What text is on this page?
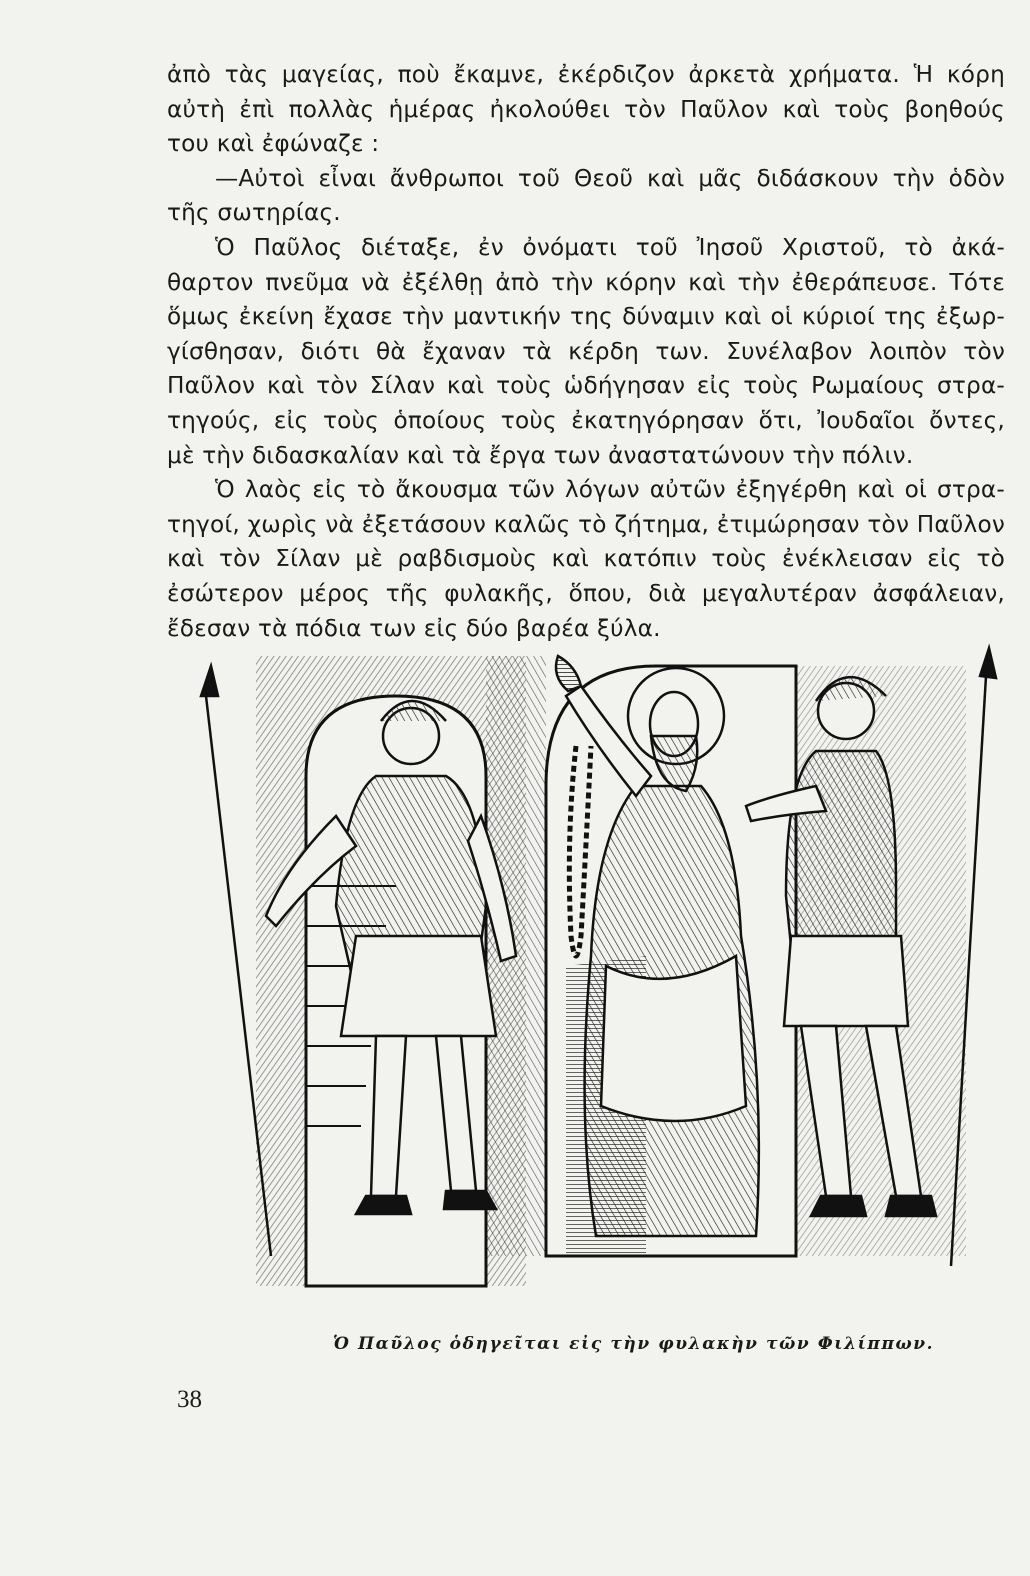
ἀπὸ τὰς μαγείας, ποὺ ἔκαμνε, ἐκέρδιζον ἀρκετὰ χρήματα. Ἡ κόρη
αὐτὴ ἐπὶ πολλὰς ἡμέρας ἠκολούθει τὸν Παῦλον καὶ τοὺς βοηθούς
του καὶ ἐφώναζε :
—Αὐτοὶ εἶναι ἄνθρωποι τοῦ Θεοῦ καὶ μᾶς διδάσκουν τὴν ὁδὸν
τῆς σωτηρίας.
Ὁ Παῦλος διέταξε, ἐν ὀνόματι τοῦ Ἰησοῦ Χριστοῦ, τὸ ἀκά-
θαρτον πνεῦμα νὰ ἐξέλθῃ ἀπὸ τὴν κόρην καὶ τὴν ἐθεράπευσε. Τότε
ὅμως ἐκείνη ἔχασε τὴν μαντικήν της δύναμιν καὶ οἱ κύριοί της ἐξωρ-
γίσθησαν, διότι θὰ ἔχαναν τὰ κέρδη των. Συνέλαβον λοιπὸν τὸν
Παῦλον καὶ τὸν Σίλαν καὶ τοὺς ὡδήγησαν εἰς τοὺς Ρωμαίους στρα-
τηγούς, εἰς τοὺς ὁποίους τοὺς ἐκατηγόρησαν ὅτι, Ἰουδαῖοι ὄντες,
μὲ τὴν διδασκαλίαν καὶ τὰ ἔργα των ἀναστατώνουν τὴν πόλιν.
Ὁ λαὸς εἰς τὸ ἄκουσμα τῶν λόγων αὐτῶν ἐξηγέρθη καὶ οἱ στρα-
τηγοί, χωρὶς νὰ ἐξετάσουν καλῶς τὸ ζήτημα, ἐτιμώρησαν τὸν Παῦλον
καὶ τὸν Σίλαν μὲ ραβδισμοὺς καὶ κατόπιν τοὺς ἐνέκλεισαν εἰς τὸ
ἐσώτερον μέρος τῆς φυλακῆς, ὅπου, διὰ μεγαλυτέραν ἀσφάλειαν,
ἔδεσαν τὰ πόδια των εἰς δύο βαρέα ξύλα.
Ὁ Παῦλος ὁδηγεῖται εἰς τὴν φυλακὴν τῶν Φιλίππων.
38
